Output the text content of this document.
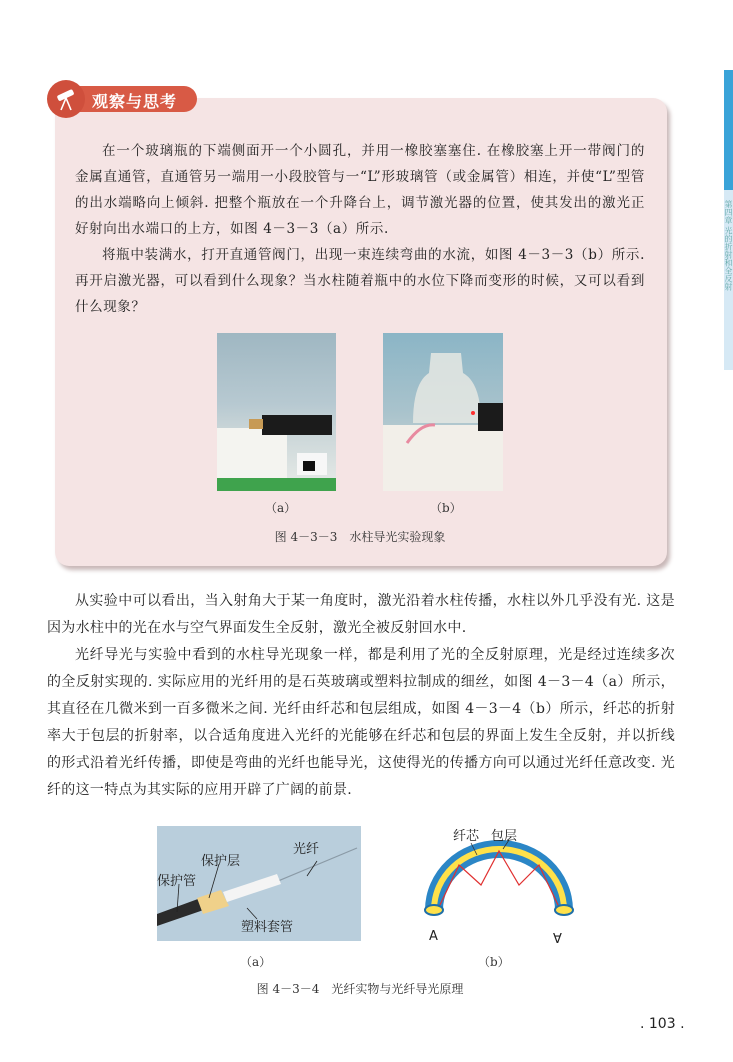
第四章 光的折射和全反射
观察与思考

在一个玻璃瓶的下端侧面开一个小圆孔，并用一橡胶塞塞住. 在橡胶塞上开一带阀门的金属直通管，直通管另一端用一小段胶管与一“L”形玻璃管（或金属管）相连，并使“L”型管的出水端略向上倾斜. 把整个瓶放在一个升降台上，调节激光器的位置，使其发出的激光正好射向出水端口的上方，如图 4－3－3（a）所示.

将瓶中装满水，打开直通管阀门，出现一束连续弯曲的水流，如图 4－3－3（b）所示. 再开启激光器，可以看到什么现象？当水柱随着瓶中的水位下降而变形的时候，又可以看到什么现象？

（a）	（b）
图 4－3－3　水柱导光实验现象

从实验中可以看出，当入射角大于某一角度时，激光沿着水柱传播，水柱以外几乎没有光. 这是因为水柱中的光在水与空气界面发生全反射，激光全被反射回水中.

光纤导光与实验中看到的水柱导光现象一样，都是利用了光的全反射原理，光是经过连续多次的全反射实现的. 实际应用的光纤用的是石英玻璃或塑料拉制成的细丝，如图 4－3－4（a）所示，其直径在几微米到一百多微米之间. 光纤由纤芯和包层组成，如图 4－3－4（b）所示，纤芯的折射率大于包层的折射率，以合适角度进入光纤的光能够在纤芯和包层的界面上发生全反射，并以折线的形式沿着光纤传播，即使是弯曲的光纤也能导光，这使得光的传播方向可以通过光纤任意改变. 光纤的这一特点为其实际的应用开辟了广阔的前景.

保护层
保护管
光纤
塑料套管
纤芯 包层
A	A
（a）	（b）
图 4－3－4　光纤实物与光纤导光原理
. 103 .
